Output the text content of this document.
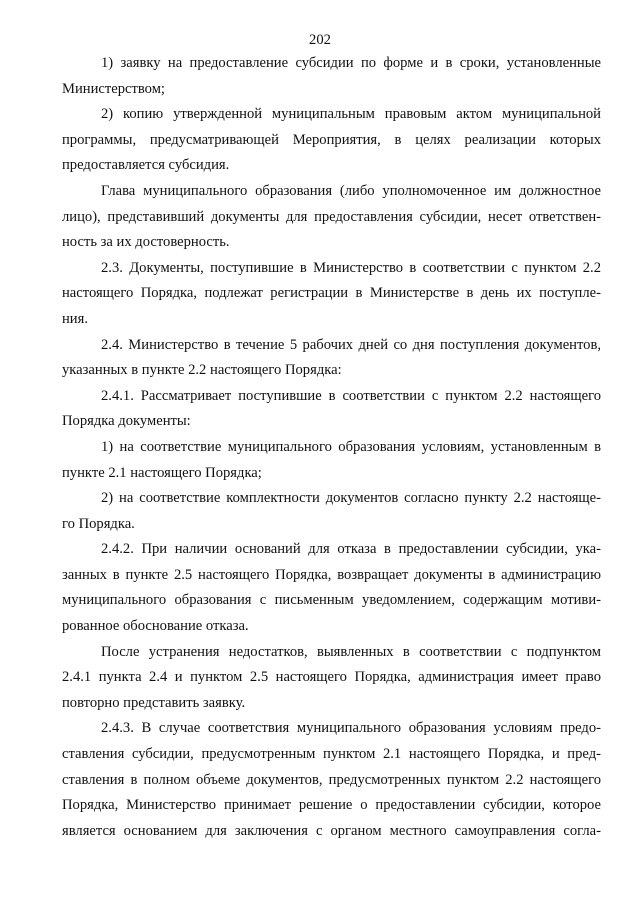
202

1) заявку на предоставление субсидии по форме и в сроки, установленные
Министерством;

2) копию утвержденной муниципальным правовым актом муниципальной
программы, предусматривающей Мероприятия, в целях реализации которых
предоставляется субсидия.

Глава муниципального образования (либо уполномоченное им должностное
лицо), представивший документы для предоставления субсидии, несет ответствен-
ность за их достоверность.

2.3. Документы, поступившие в Министерство в соответствии с пунктом 2.2
настоящего Порядка, подлежат регистрации в Министерстве в день их поступле-
ния.

2.4. Министерство в течение 5 рабочих дней со дня поступления документов,
указанных в пункте 2.2 настоящего Порядка:

2.4.1. Рассматривает поступившие в соответствии с пунктом 2.2 настоящего
Порядка документы:

1) на соответствие муниципального образования условиям, установленным в
пункте 2.1 настоящего Порядка;

2) на соответствие комплектности документов согласно пункту 2.2 настояще-
го Порядка.

2.4.2. При наличии оснований для отказа в предоставлении субсидии, ука-
занных в пункте 2.5 настоящего Порядка, возвращает документы в администрацию
муниципального образования с письменным уведомлением, содержащим мотиви-
рованное обоснование отказа.

После устранения недостатков, выявленных в соответствии с подпунктом
2.4.1 пункта 2.4 и пунктом 2.5 настоящего Порядка, администрация имеет право
повторно представить заявку.

2.4.3. В случае соответствия муниципального образования условиям предо-
ставления субсидии, предусмотренным пунктом 2.1 настоящего Порядка, и пред-
ставления в полном объеме документов, предусмотренных пунктом 2.2 настоящего
Порядка, Министерство принимает решение о предоставлении субсидии, которое
является основанием для заключения с органом местного самоуправления согла-
